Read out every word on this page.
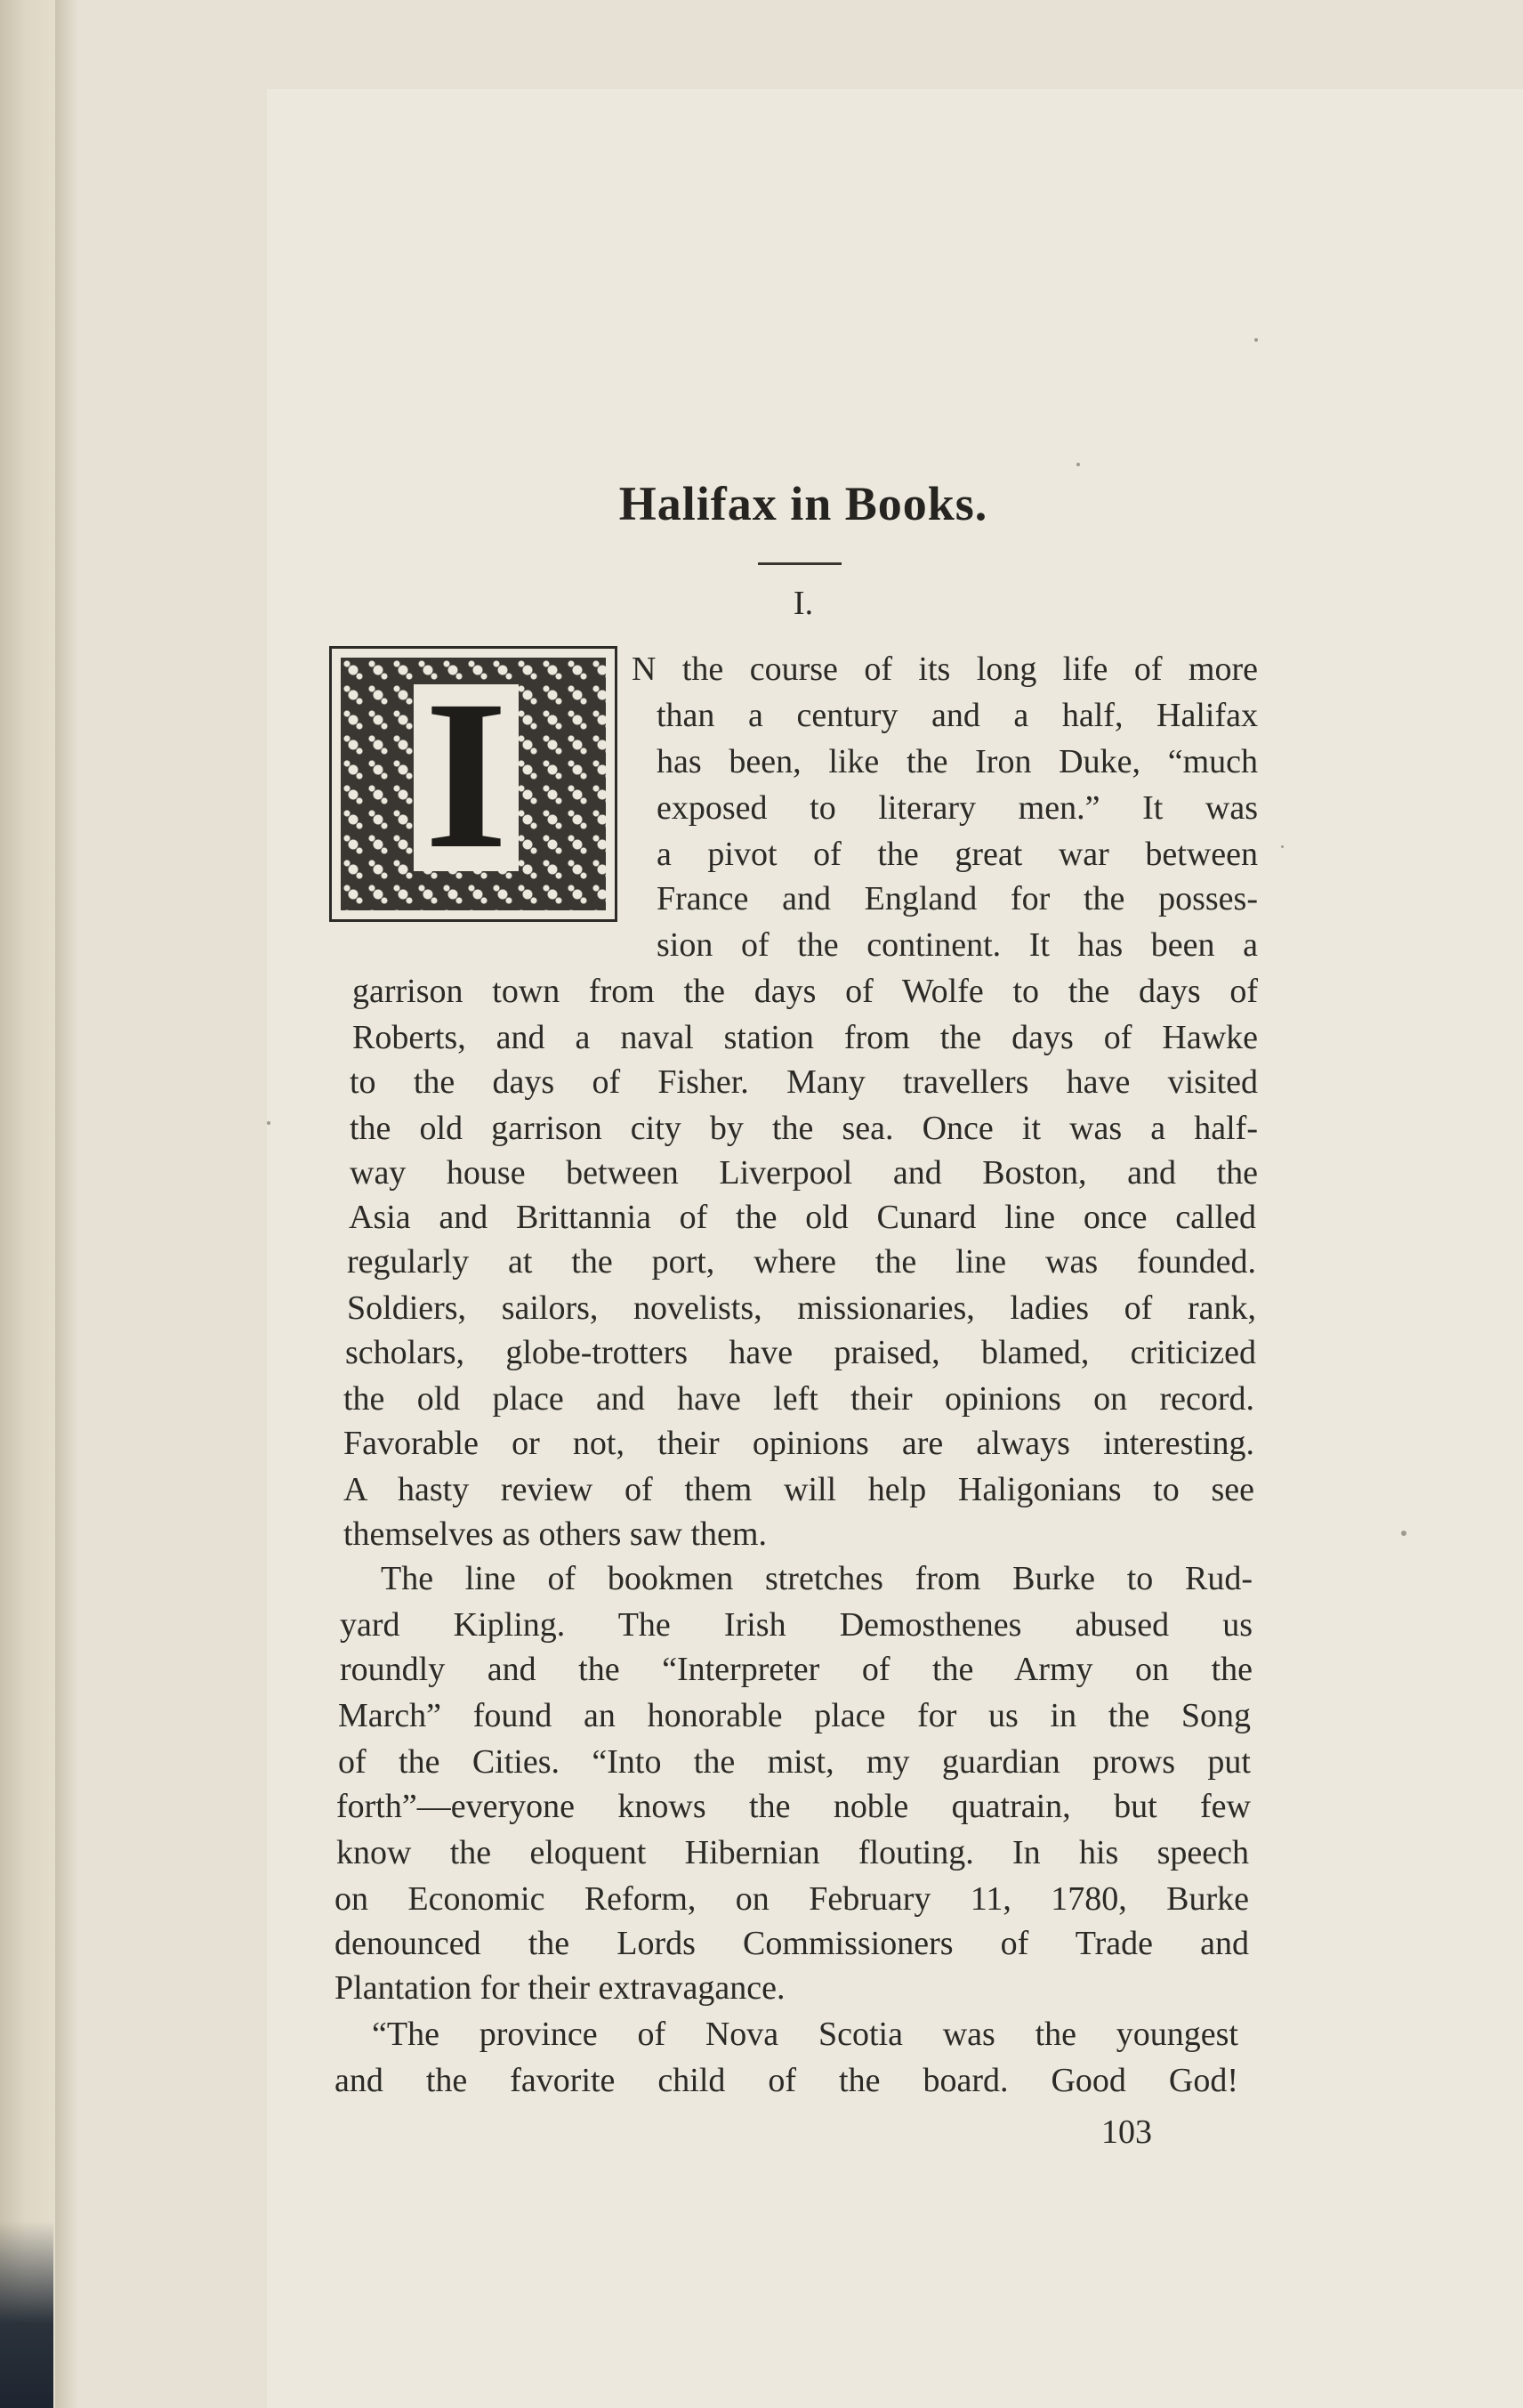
Halifax in Books.
I.
I	N the course of its long life of more
than a century and a half, Halifax
has been, like the Iron Duke, “much
exposed to literary men.” It was
a pivot of the great war between
France and England for the posses-
sion of the continent. It has been a
garrison town from the days of Wolfe to the days of
Roberts, and a naval station from the days of Hawke
to the days of Fisher. Many travellers have visited
the old garrison city by the sea. Once it was a half-
way house between Liverpool and Boston, and the
Asia and Brittannia of the old Cunard line once called
regularly at the port, where the line was founded.
Soldiers, sailors, novelists, missionaries, ladies of rank,
scholars, globe-trotters have praised, blamed, criticized
the old place and have left their opinions on record.
Favorable or not, their opinions are always interesting.
A hasty review of them will help Haligonians to see
themselves as others saw them.
The line of bookmen stretches from Burke to Rud-
yard Kipling. The Irish Demosthenes abused us
roundly and the “Interpreter of the Army on the
March” found an honorable place for us in the Song
of the Cities. “Into the mist, my guardian prows put
forth”—everyone knows the noble quatrain, but few
know the eloquent Hibernian flouting. In his speech
on Economic Reform, on February 11, 1780, Burke
denounced the Lords Commissioners of Trade and
Plantation for their extravagance.
“The province of Nova Scotia was the youngest
and the favorite child of the board. Good God!
103
